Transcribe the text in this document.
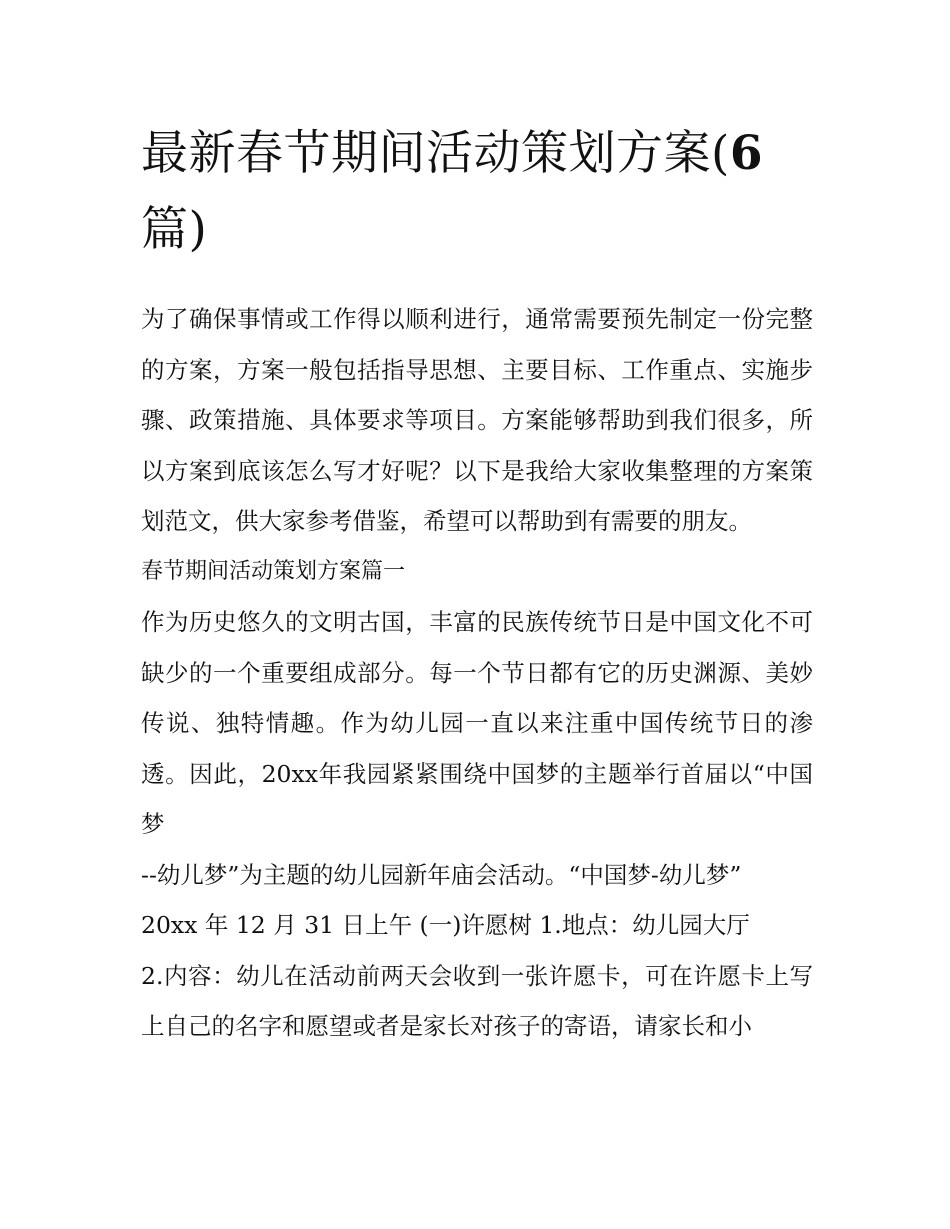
最新春节期间活动策划方案(6
篇)

为了确保事情或工作得以顺利进行，通常需要预先制定一份完整的方案，方案一般包括指导思想、主要目标、工作重点、实施步骤、政策措施、具体要求等项目。方案能够帮助到我们很多，所以方案到底该怎么写才好呢？以下是我给大家收集整理的方案策划范文，供大家参考借鉴，希望可以帮助到有需要的朋友。

春节期间活动策划方案篇一

作为历史悠久的文明古国，丰富的民族传统节日是中国文化不可缺少的一个重要组成部分。每一个节日都有它的历史渊源、美妙传说、独特情趣。作为幼儿园一直以来注重中国传统节日的渗透。因此，20xx年我园紧紧围绕中国梦的主题举行首届以“中国梦

--幼儿梦”为主题的幼儿园新年庙会活动。“中国梦-幼儿梦”

20xx 年 12 月 31 日上午 (一)许愿树 1.地点：幼儿园大厅

2.内容：幼儿在活动前两天会收到一张许愿卡，可在许愿卡上写上自己的名字和愿望或者是家长对孩子的寄语，请家长和小
